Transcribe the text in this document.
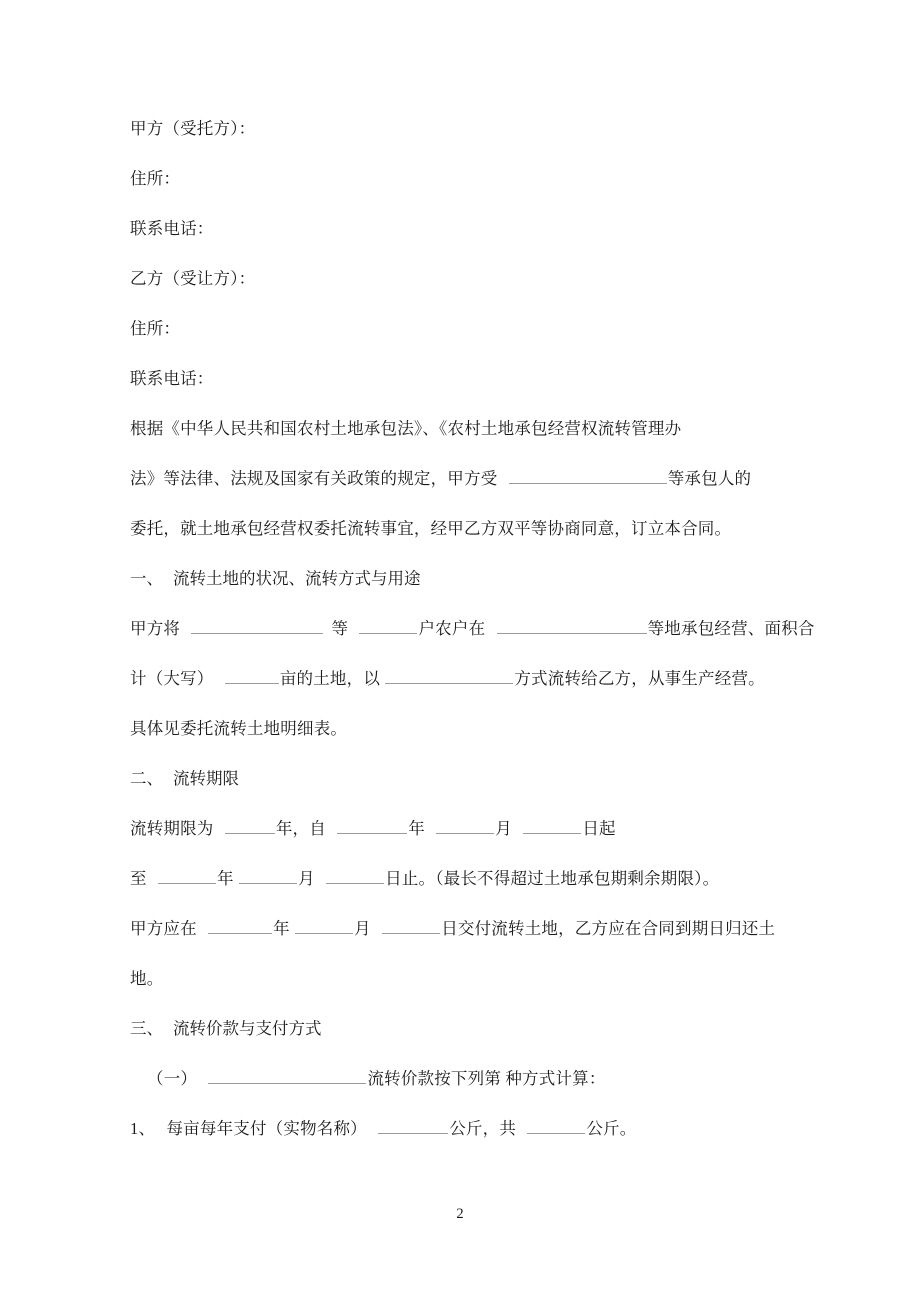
甲方（受托方）：
住所：
联系电话：
乙方（受让方）：
住所：
联系电话：
根据《中华人民共和国农村土地承包法》、《农村土地承包经营权流转管理办
法》等法律、法规及国家有关政策的规定，甲方受	等承包人的
委托，就土地承包经营权委托流转事宜，经甲乙方双平等协商同意，订立本合同。
一、 流转土地的状况、流转方式与用途
甲方将	等	户农户在	等地承包经营、面积合
计（大写）	亩的土地，以	方式流转给乙方，从事生产经营。
具体见委托流转土地明细表。
二、 流转期限
流转期限为	年，自	年	月	日起
至	年	月	日止。（最长不得超过土地承包期剩余期限）。
甲方应在	年	月	日交付流转土地，乙方应在合同到期日归还土
地。
三、 流转价款与支付方式
（一）	流转价款按下列第 种方式计算：
1、 每亩每年支付（实物名称）	公斤，共	公斤。
2
